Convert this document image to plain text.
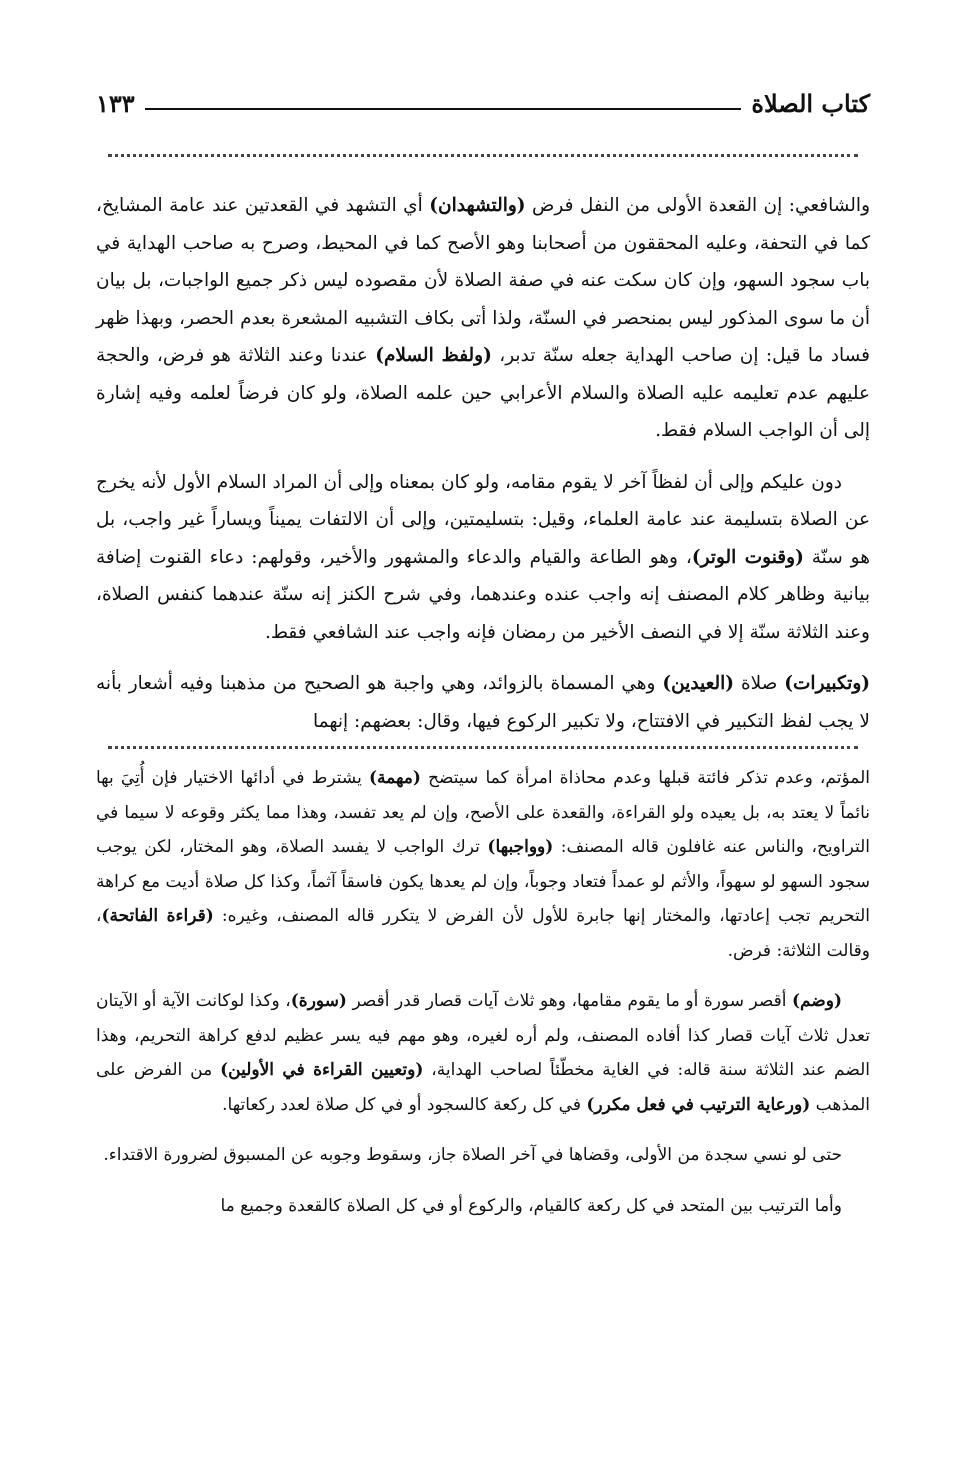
كتاب الصلاة
١٣٣

والشافعي: إن القعدة الأولى من النفل فرض (والتشهدان) أي التشهد في القعدتين عند عامة المشايخ، كما في التحفة، وعليه المحققون من أصحابنا وهو الأصح كما في المحيط، وصرح به صاحب الهداية في باب سجود السهو، وإن كان سكت عنه في صفة الصلاة لأن مقصوده ليس ذكر جميع الواجبات، بل بيان أن ما سوى المذكور ليس بمنحصر في السنّة، ولذا أتى بكاف التشبيه المشعرة بعدم الحصر، وبهذا ظهر فساد ما قيل: إن صاحب الهداية جعله سنّة تدبر، (ولفظ السلام) عندنا وعند الثلاثة هو فرض، والحجة عليهم عدم تعليمه عليه الصلاة والسلام الأعرابي حين علمه الصلاة، ولو كان فرضاً لعلمه وفيه إشارة إلى أن الواجب السلام فقط.

دون عليكم وإلى أن لفظاً آخر لا يقوم مقامه، ولو كان بمعناه وإلى أن المراد السلام الأول لأنه يخرج عن الصلاة بتسليمة عند عامة العلماء، وقيل: بتسليمتين، وإلى أن الالتفات يميناً ويساراً غير واجب، بل هو سنّة (وقنوت الوتر)، وهو الطاعة والقيام والدعاء والمشهور والأخير، وقولهم: دعاء القنوت إضافة بيانية وظاهر كلام المصنف إنه واجب عنده وعندهما، وفي شرح الكنز إنه سنّة عندهما كنفس الصلاة، وعند الثلاثة سنّة إلا في النصف الأخير من رمضان فإنه واجب عند الشافعي فقط.

(وتكبيرات) صلاة (العيدين) وهي المسماة بالزوائد، وهي واجبة هو الصحيح من مذهبنا وفيه أشعار بأنه لا يجب لفظ التكبير في الافتتاح، ولا تكبير الركوع فيها، وقال: بعضهم: إنهما

المؤتم، وعدم تذكر فائتة قبلها وعدم محاذاة امرأة كما سيتضح (مهمة) يشترط في أدائها الاختيار فإن أُتِيَ بها نائماً لا يعتد به، بل يعيده ولو القراءة، والقعدة على الأصح، وإن لم يعد تفسد، وهذا مما يكثر وقوعه لا سيما في التراويح، والناس عنه غافلون قاله المصنف: (وواجبها) ترك الواجب لا يفسد الصلاة، وهو المختار، لكن يوجب سجود السهو لو سهواً، والأثم لو عمداً فتعاد وجوباً، وإن لم يعدها يكون فاسقاً آثماً، وكذا كل صلاة أديت مع كراهة التحريم تجب إعادتها، والمختار إنها جابرة للأول لأن الفرض لا يتكرر قاله المصنف، وغيره: (قراءة الفاتحة)، وقالت الثلاثة: فرض.

(وضم) أقصر سورة أو ما يقوم مقامها، وهو ثلاث آيات قصار قدر أقصر (سورة)، وكذا لوكانت الآية أو الآيتان تعدل ثلاث آيات قصار كذا أفاده المصنف، ولم أره لغيره، وهو مهم فيه يسر عظيم لدفع كراهة التحريم، وهذا الضم عند الثلاثة سنة قاله: في الغاية مخطّئاً لصاحب الهداية، (وتعيين القراءة في الأولين) من الفرض على المذهب (ورعاية الترتيب في فعل مكرر) في كل ركعة كالسجود أو في كل صلاة لعدد ركعاتها.

حتى لو نسي سجدة من الأولى، وقضاها في آخر الصلاة جاز، وسقوط وجوبه عن المسبوق لضرورة الاقتداء.

وأما الترتيب بين المتحد في كل ركعة كالقيام، والركوع أو في كل الصلاة كالقعدة وجميع ما
